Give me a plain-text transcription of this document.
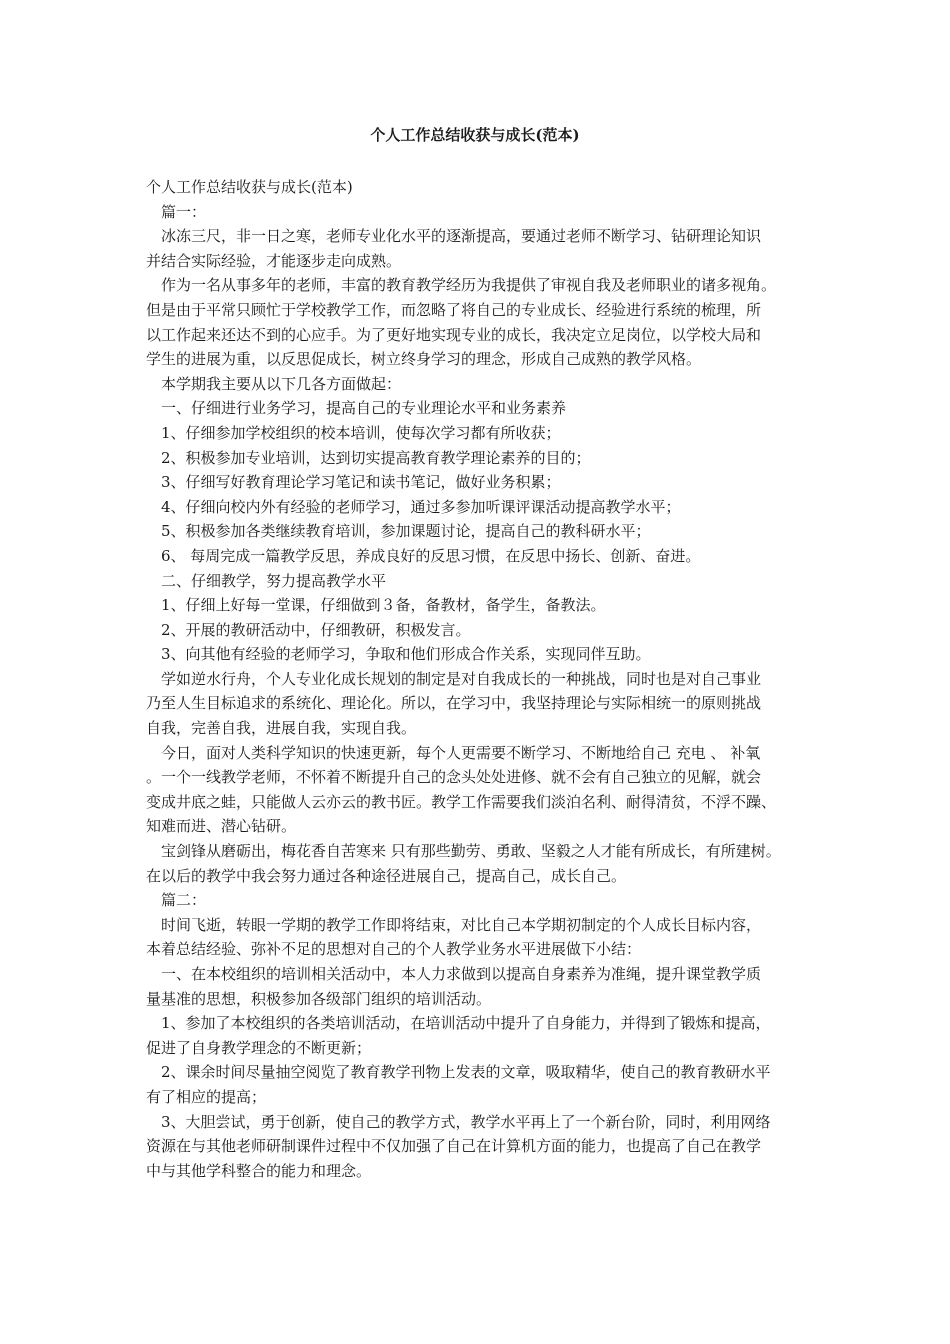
个人工作总结收获与成长(范本)

个人工作总结收获与成长(范本)

篇一：

冰冻三尺，非一日之寒，老师专业化水平的逐渐提高，要通过老师不断学习、钻研理论知识

并结合实际经验，才能逐步走向成熟。

作为一名从事多年的老师，丰富的教育教学经历为我提供了审视自我及老师职业的诸多视角。

但是由于平常只顾忙于学校教学工作，而忽略了将自己的专业成长、经验进行系统的梳理，所

以工作起来还达不到的心应手。为了更好地实现专业的成长，我决定立足岗位，以学校大局和

学生的进展为重，以反思促成长，树立终身学习的理念，形成自己成熟的教学风格。

本学期我主要从以下几各方面做起：

一、仔细进行业务学习，提高自己的专业理论水平和业务素养

1、仔细参加学校组织的校本培训，使每次学习都有所收获；

2、积极参加专业培训，达到切实提高教育教学理论素养的目的；

3、仔细写好教育理论学习笔记和读书笔记，做好业务积累；

4、仔细向校内外有经验的老师学习，通过多参加听课评课活动提高教学水平；

5、积极参加各类继续教育培训，参加课题讨论，提高自己的教科研水平；

6、 每周完成一篇教学反思，养成良好的反思习惯，在反思中扬长、创新、奋进。

二、仔细教学，努力提高教学水平

1、仔细上好每一堂课，仔细做到３备，备教材，备学生，备教法。

2、开展的教研活动中，仔细教研，积极发言。

3、向其他有经验的老师学习，争取和他们形成合作关系，实现同伴互助。

学如逆水行舟，个人专业化成长规划的制定是对自我成长的一种挑战，同时也是对自己事业

乃至人生目标追求的系统化、理论化。所以，在学习中，我坚持理论与实际相统一的原则挑战

自我，完善自我，进展自我，实现自我。

今日，面对人类科学知识的快速更新，每个人更需要不断学习、不断地给自己 充电 、 补氧

。一个一线教学老师，不怀着不断提升自己的念头处处进修、就不会有自己独立的见解，就会

变成井底之蛙，只能做人云亦云的教书匠。教学工作需要我们淡泊名利、耐得清贫，不浮不躁、

知难而进、潜心钻研。

宝剑锋从磨砺出，梅花香自苦寒来 只有那些勤劳、勇敢、坚毅之人才能有所成长，有所建树。

在以后的教学中我会努力通过各种途径进展自己，提高自己，成长自己。

篇二：

时间飞逝，转眼一学期的教学工作即将结束，对比自己本学期初制定的个人成长目标内容，

本着总结经验、弥补不足的思想对自己的个人教学业务水平进展做下小结：

一、在本校组织的培训相关活动中，本人力求做到以提高自身素养为准绳，提升课堂教学质

量基准的思想，积极参加各级部门组织的培训活动。

1、参加了本校组织的各类培训活动，在培训活动中提升了自身能力，并得到了锻炼和提高，

促进了自身教学理念的不断更新；

2、课余时间尽量抽空阅览了教育教学刊物上发表的文章，吸取精华，使自己的教育教研水平

有了相应的提高；

3、大胆尝试，勇于创新，使自己的教学方式，教学水平再上了一个新台阶，同时，利用网络

资源在与其他老师研制课件过程中不仅加强了自己在计算机方面的能力，也提高了自己在教学

中与其他学科整合的能力和理念。
